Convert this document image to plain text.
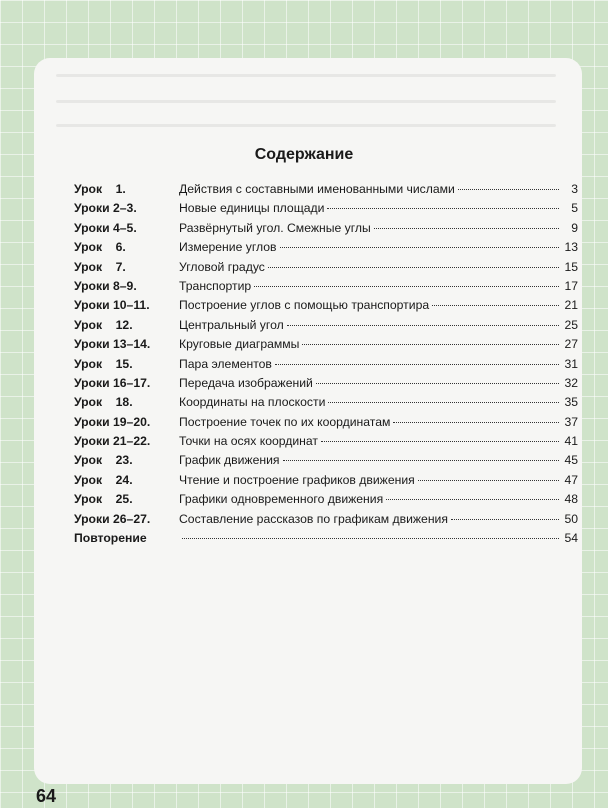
Содержание
Урок    1.	Действия с составными именованными числами	3
Уроки 2–3.	Новые единицы площади	5
Уроки 4–5.	Развёрнутый угол. Смежные углы	9
Урок    6.	Измерение углов	13
Урок    7.	Угловой градус	15
Уроки 8–9.	Транспортир	17
Уроки 10–11.	Построение углов с помощью транспортира	21
Урок    12.	Центральный угол	25
Уроки 13–14.	Круговые диаграммы	27
Урок    15.	Пара элементов	31
Уроки 16–17.	Передача изображений	32
Урок    18.	Координаты на плоскости	35
Уроки 19–20.	Построение точек по их координатам	37
Уроки 21–22.	Точки на осях координат	41
Урок    23.	График движения	45
Урок    24.	Чтение и построение графиков движения	47
Урок    25.	Графики одновременного движения	48
Уроки 26–27.	Составление рассказов по графикам движения	50
Повторение	54
64
